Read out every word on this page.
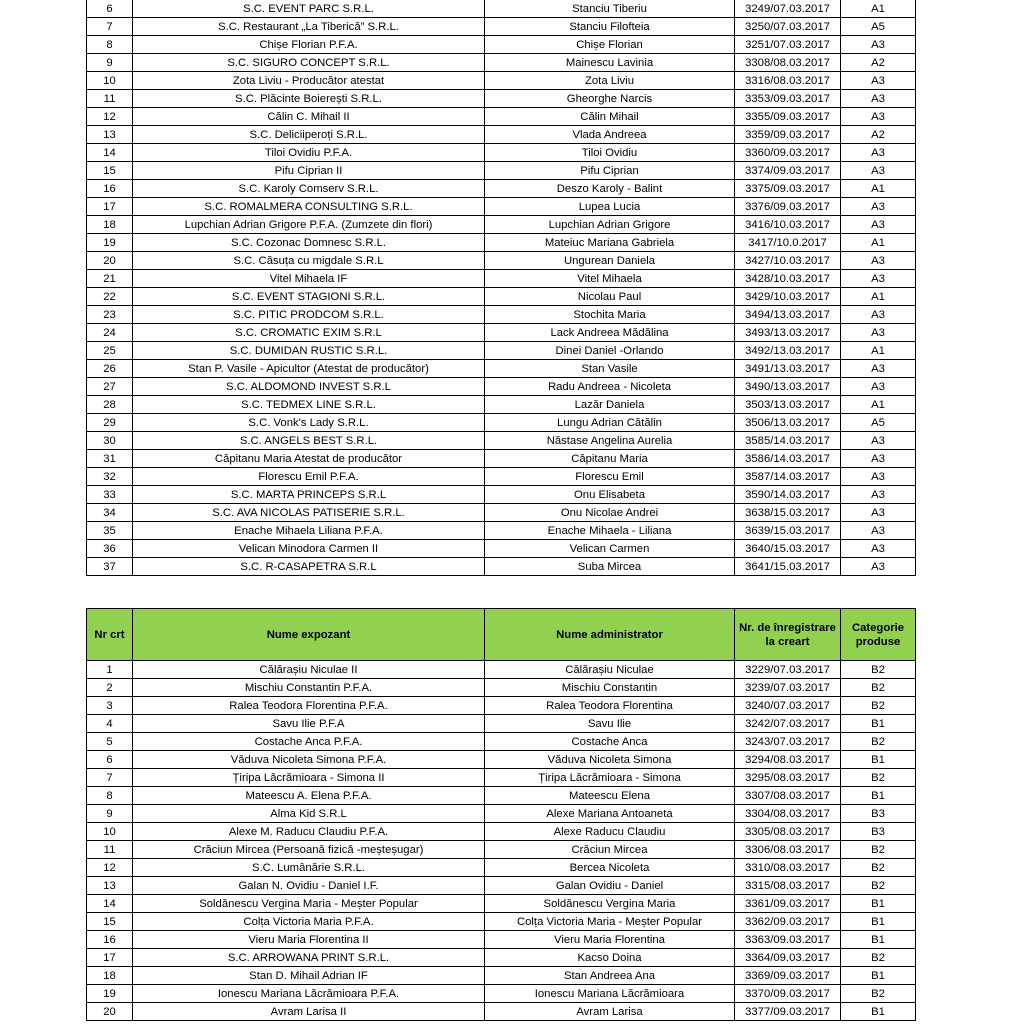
6	S.C. EVENT PARC S.R.L.	Stanciu Tiberiu	3249/07.03.2017	A1
7	S.C. Restaurant „La Tiberică” S.R.L.	Stanciu Filofteia	3250/07.03.2017	A5
8	Chișe Florian P.F.A.	Chișe Florian	3251/07.03.2017	A3
9	S.C. SIGURO CONCEPT S.R.L.	Mainescu Lavinia	3308/08.03.2017	A2
10	Zota Liviu - Producător atestat	Zota Liviu	3316/08.03.2017	A3
11	S.C. Plăcinte Boierești S.R.L.	Gheorghe Narcis	3353/09.03.2017	A3
12	Călin C. Mihail II	Călin Mihail	3355/09.03.2017	A3
13	S.C. Deliciiperoți S.R.L.	Vlada Andreea	3359/09.03.2017	A2
14	Tiloi Ovidiu P.F.A.	Tiloi Ovidiu	3360/09.03.2017	A3
15	Pifu Ciprian II	Pifu Ciprian	3374/09.03.2017	A3
16	S.C. Karoly Comserv S.R.L.	Deszo Karoly - Balint	3375/09.03.2017	A1
17	S.C. ROMALMERA CONSULTING S.R.L.	Lupea Lucia	3376/09.03.2017	A3
18	Lupchian Adrian Grigore P.F.A. (Zumzete din flori)	Lupchian Adrian Grigore	3416/10.03.2017	A3
19	S.C. Cozonac Domnesc S.R.L.	Mateiuc Mariana Gabriela	3417/10.0.2017	A1
20	S.C. Căsuța cu migdale S.R.L	Ungurean Daniela	3427/10.03.2017	A3
21	Vitel Mihaela IF	Vitel Mihaela	3428/10.03.2017	A3
22	S.C. EVENT STAGIONI S.R.L.	Nicolau Paul	3429/10.03.2017	A1
23	S.C. PITIC PRODCOM S.R.L.	Stochita Maria	3494/13.03.2017	A3
24	S.C. CROMATIC EXIM S.R.L	Lack Andreea Mădălina	3493/13.03.2017	A3
25	S.C. DUMIDAN RUSTIC S.R.L.	Dinei Daniel -Orlando	3492/13.03.2017	A1
26	Stan P. Vasile - Apicultor (Atestat de producător)	Stan Vasile	3491/13.03.2017	A3
27	S.C. ALDOMOND INVEST S.R.L	Radu Andreea - Nicoleta	3490/13.03.2017	A3
28	S.C. TEDMEX LINE S.R.L.	Lazăr Daniela	3503/13.03.2017	A1
29	S.C. Vonk's Lady S.R.L.	Lungu Adrian Cătălin	3506/13.03.2017	A5
30	S.C. ANGELS BEST S.R.L.	Năstase Angelina Aurelia	3585/14.03.2017	A3
31	Căpitanu Maria Atestat de producător	Căpitanu Maria	3586/14.03.2017	A3
32	Florescu Emil P.F.A.	Florescu Emil	3587/14.03.2017	A3
33	S.C. MARTA PRINCEPS S.R.L	Onu Elisabeta	3590/14.03.2017	A3
34	S.C. AVA NICOLAS PATISERIE S.R.L.	Onu Nicolae Andrei	3638/15.03.2017	A3
35	Enache Mihaela Liliana P.F.A.	Enache Mihaela - Liliana	3639/15.03.2017	A3
36	Velican Minodora Carmen II	Velican Carmen	3640/15.03.2017	A3
37	S.C. R-CASAPETRA S.R.L	Suba Mircea	3641/15.03.2017	A3
Nr crt	Nume expozant	Nume administrator	Nr. de înregistrare la creart	Categorie produse
1	Călărașiu Niculae II	Călărașiu Niculae	3229/07.03.2017	B2
2	Mischiu Constantin P.F.A.	Mischiu Constantin	3239/07.03.2017	B2
3	Ralea Teodora Florentina P.F.A.	Ralea Teodora Florentina	3240/07.03.2017	B2
4	Savu Ilie P.F.A	Savu Ilie	3242/07.03.2017	B1
5	Costache Anca P.F.A.	Costache Anca	3243/07.03.2017	B2
6	Văduva Nicoleta Simona P.F.A.	Văduva Nicoleta Simona	3294/08.03.2017	B1
7	Țiripa Lăcrămioara - Simona II	Țiripa Lăcrămioara - Simona	3295/08.03.2017	B2
8	Mateescu A. Elena P.F.A.	Mateescu Elena	3307/08.03.2017	B1
9	Alma Kid S.R.L	Alexe Mariana Antoaneta	3304/08.03.2017	B3
10	Alexe M. Raducu Claudiu P.F.A.	Alexe Raducu Claudiu	3305/08.03.2017	B3
11	Crăciun Mircea (Persoană fizică -meșteșugar)	Crăciun Mircea	3306/08.03.2017	B2
12	S.C. Lumânărie S.R.L.	Bercea Nicoleta	3310/08.03.2017	B2
13	Galan N. Ovidiu - Daniel I.F.	Galan Ovidiu - Daniel	3315/08.03.2017	B2
14	Soldănescu Vergina Maria - Meșter Popular	Soldănescu Vergina Maria	3361/09.03.2017	B1
15	Colța Victoria Maria P.F.A.	Colța Victoria Maria - Meșter Popular	3362/09.03.2017	B1
16	Vieru Maria Florentina II	Vieru Maria Florentina	3363/09.03.2017	B1
17	S.C. ARROWANA PRINT S.R.L.	Kacso Doina	3364/09.03.2017	B2
18	Stan D. Mihail Adrian IF	Stan Andreea Ana	3369/09.03.2017	B1
19	Ionescu Mariana Lăcrămioara P.F.A.	Ionescu Mariana Lăcrămioara	3370/09.03.2017	B2
20	Avram Larisa II	Avram Larisa	3377/09.03.2017	B1
